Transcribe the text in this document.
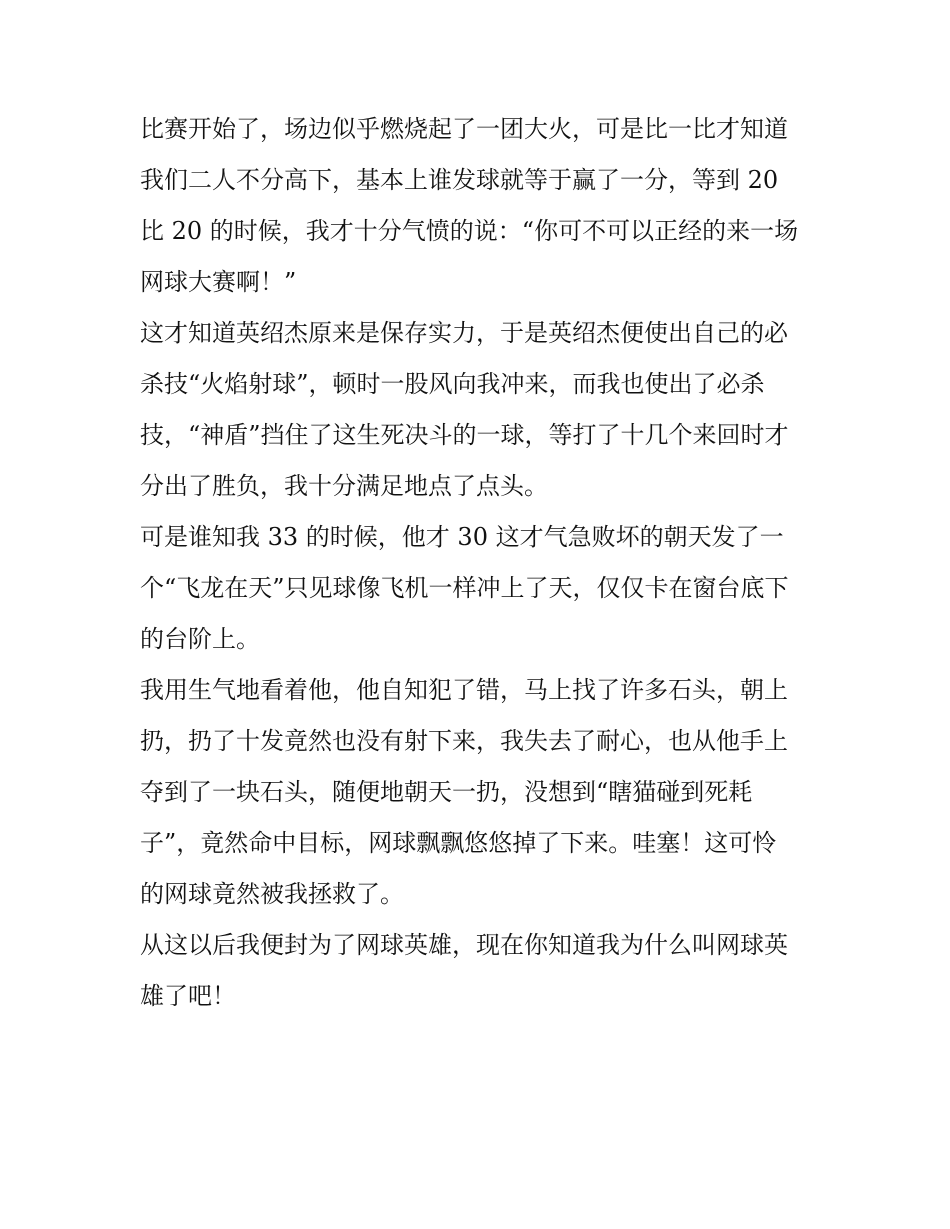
比赛开始了，场边似乎燃烧起了一团大火，可是比一比才知道
我们二人不分高下，基本上谁发球就等于赢了一分，等到 20
比 20 的时候，我才十分气愤的说：“你可不可以正经的来一场
网球大赛啊！”
这才知道英绍杰原来是保存实力，于是英绍杰便使出自己的必
杀技“火焰射球”，顿时一股风向我冲来，而我也使出了必杀
技，“神盾”挡住了这生死决斗的一球，等打了十几个来回时才
分出了胜负，我十分满足地点了点头。
可是谁知我 33 的时候，他才 30 这才气急败坏的朝天发了一
个“飞龙在天”只见球像飞机一样冲上了天，仅仅卡在窗台底下
的台阶上。
我用生气地看着他，他自知犯了错，马上找了许多石头，朝上
扔，扔了十发竟然也没有射下来，我失去了耐心，也从他手上
夺到了一块石头，随便地朝天一扔，没想到“瞎猫碰到死耗
子”，竟然命中目标，网球飘飘悠悠掉了下来。哇塞！这可怜
的网球竟然被我拯救了。
从这以后我便封为了网球英雄，现在你知道我为什么叫网球英
雄了吧！
